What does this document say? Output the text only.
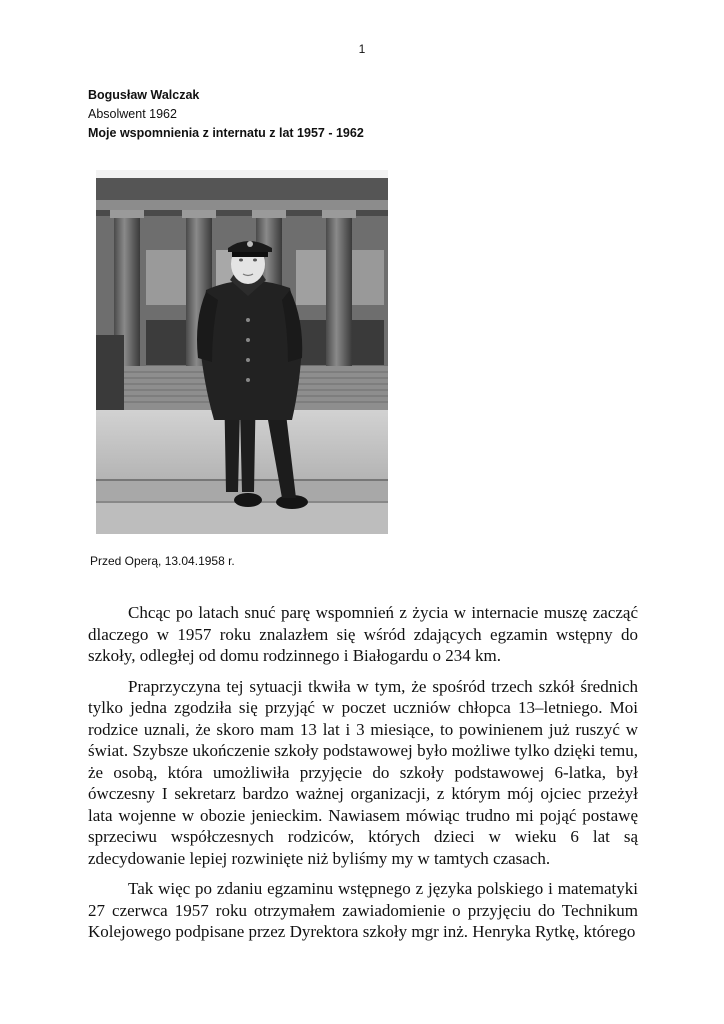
1
Bogusław Walczak
Absolwent 1962
Moje wspomnienia z internatu z lat 1957 - 1962
Przed Operą, 13.04.1958 r.

Chcąc po latach snuć parę wspomnień z życia w internacie muszę zacząć dlaczego w 1957 roku znalazłem się wśród zdających egzamin wstępny do szkoły, odległej od domu rodzinnego i Białogardu o 234 km.

Praprzyczyna tej sytuacji tkwiła w tym, że spośród trzech szkół średnich tylko jedna zgodziła się przyjąć w poczet uczniów chłopca 13–letniego. Moi rodzice uznali, że skoro mam 13 lat i 3 miesiące, to powinienem już ruszyć w świat. Szybsze ukończenie szkoły podstawowej było możliwe tylko dzięki temu, że osobą, która umożliwiła przyjęcie do szkoły podstawowej 6-latka, był ówczesny I sekretarz bardzo ważnej organizacji, z którym mój ojciec przeżył lata wojenne w obozie jenieckim. Nawiasem mówiąc trudno mi pojąć postawę sprzeciwu współczesnych rodziców, których dzieci w wieku 6 lat są zdecydowanie lepiej rozwinięte niż byliśmy my w tamtych czasach.

Tak więc po zdaniu egzaminu wstępnego z języka polskiego i matematyki 27 czerwca 1957 roku otrzymałem zawiadomienie o przyjęciu do Technikum Kolejowego podpisane przez Dyrektora szkoły mgr inż. Henryka Rytkę, którego
